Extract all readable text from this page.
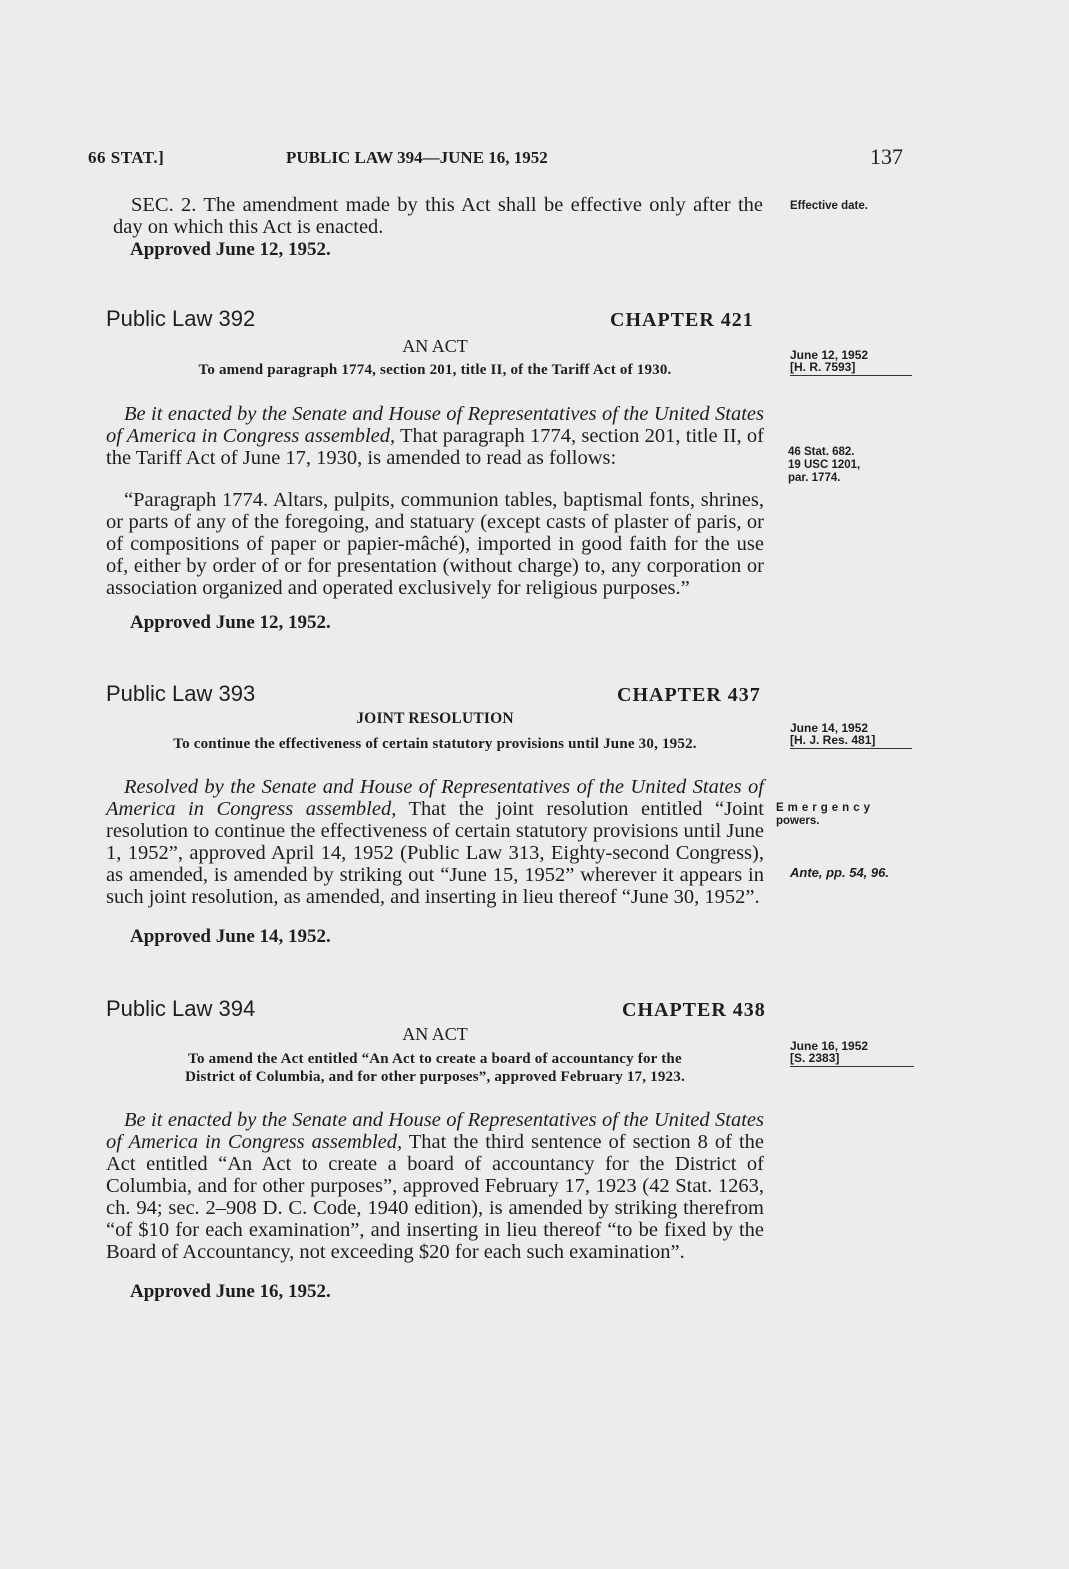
66 STAT.]	PUBLIC LAW 394—JUNE 16, 1952	137
SEC. 2. The amendment made by this Act shall be effective only after the day on which this Act is enacted.
Approved June 12, 1952.
Effective date.
Public Law 392	CHAPTER 421
AN ACT
To amend paragraph 1774, section 201, title II, of the Tariff Act of 1930.
June 12, 1952
[H. R. 7593]
Be it enacted by the Senate and House of Representatives of the United States of America in Congress assembled, That paragraph 1774, section 201, title II, of the Tariff Act of June 17, 1930, is amended to read as follows:
“Paragraph 1774. Altars, pulpits, communion tables, baptismal fonts, shrines, or parts of any of the foregoing, and statuary (except casts of plaster of paris, or of compositions of paper or papier-mâché), imported in good faith for the use of, either by order of or for presentation (without charge) to, any corporation or association organized and operated exclusively for religious purposes.”
Approved June 12, 1952.
46 Stat. 682.
19 USC 1201,
par. 1774.
Public Law 393	CHAPTER 437
JOINT RESOLUTION
To continue the effectiveness of certain statutory provisions until June 30, 1952.
June 14, 1952
[H. J. Res. 481]
Resolved by the Senate and House of Representatives of the United States of America in Congress assembled, That the joint resolution entitled “Joint resolution to continue the effectiveness of certain statutory provisions until June 1, 1952”, approved April 14, 1952 (Public Law 313, Eighty-second Congress), as amended, is amended by striking out “June 15, 1952” wherever it appears in such joint resolution, as amended, and inserting in lieu thereof “June 30, 1952”.
Approved June 14, 1952.
Emergency
powers.
Ante, pp. 54, 96.
Public Law 394	CHAPTER 438
AN ACT
To amend the Act entitled “An Act to create a board of accountancy for the
District of Columbia, and for other purposes”, approved February 17, 1923.
June 16, 1952
[S. 2383]
Be it enacted by the Senate and House of Representatives of the United States of America in Congress assembled, That the third sentence of section 8 of the Act entitled “An Act to create a board of accountancy for the District of Columbia, and for other purposes”, approved February 17, 1923 (42 Stat. 1263, ch. 94; sec. 2–908 D. C. Code, 1940 edition), is amended by striking therefrom “of $10 for each examination”, and inserting in lieu thereof “to be fixed by the Board of Accountancy, not exceeding $20 for each such examination”.
Approved June 16, 1952.
